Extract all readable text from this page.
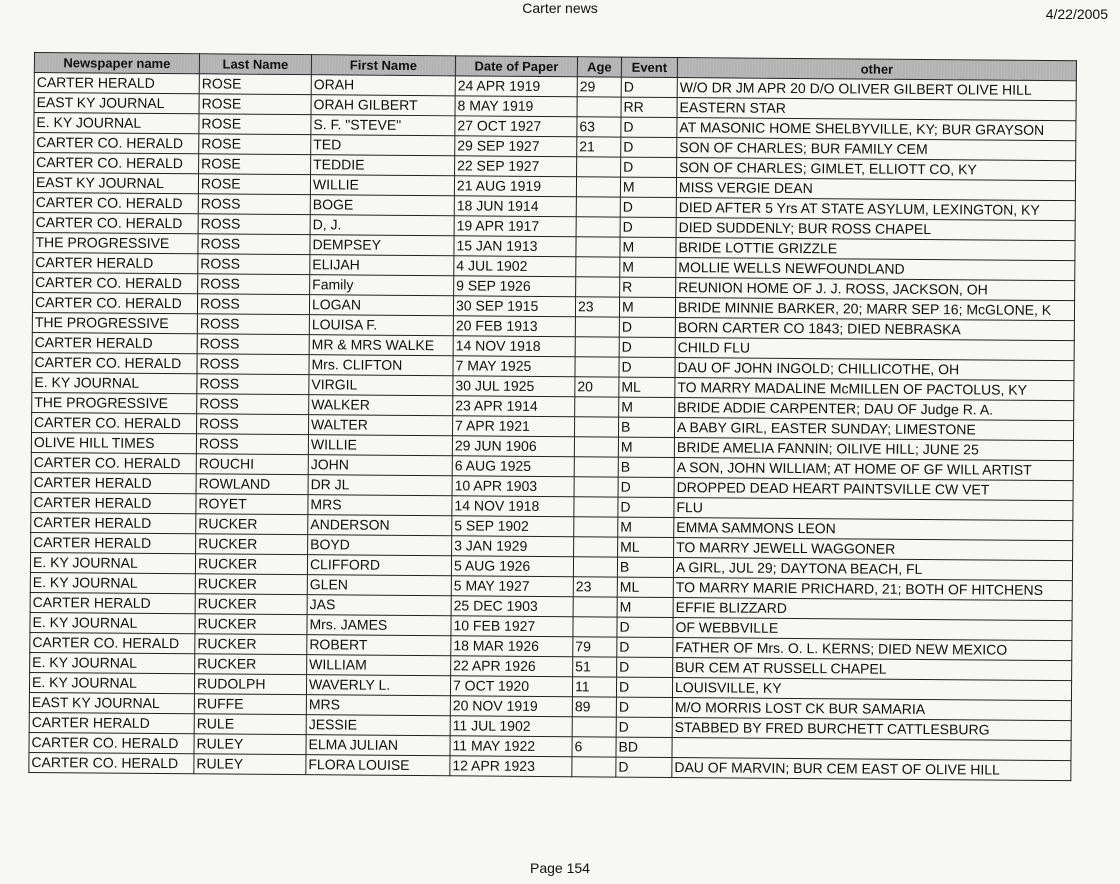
Carter news	4/22/2005
Newspaper name	Last Name	First Name	Date of Paper	Age	Event	other
CARTER HERALD	ROSE	ORAH	24 APR 1919	29	D	W/O DR JM APR 20 D/O OLIVER GILBERT OLIVE HILL
EAST KY JOURNAL	ROSE	ORAH GILBERT	8 MAY 1919		RR	EASTERN STAR
E. KY JOURNAL	ROSE	S. F. "STEVE"	27 OCT 1927	63	D	AT MASONIC HOME SHELBYVILLE, KY; BUR GRAYSON
CARTER CO. HERALD	ROSE	TED	29 SEP 1927	21	D	SON OF CHARLES; BUR FAMILY CEM
CARTER CO. HERALD	ROSE	TEDDIE	22 SEP 1927		D	SON OF CHARLES; GIMLET, ELLIOTT CO, KY
EAST KY JOURNAL	ROSE	WILLIE	21 AUG 1919		M	MISS VERGIE DEAN
CARTER CO. HERALD	ROSS	BOGE	18 JUN 1914		D	DIED AFTER 5 Yrs AT STATE ASYLUM, LEXINGTON, KY
CARTER CO. HERALD	ROSS	D, J.	19 APR 1917		D	DIED SUDDENLY; BUR ROSS CHAPEL
THE PROGRESSIVE	ROSS	DEMPSEY	15 JAN 1913		M	BRIDE LOTTIE GRIZZLE
CARTER HERALD	ROSS	ELIJAH	4 JUL 1902		M	MOLLIE WELLS NEWFOUNDLAND
CARTER CO. HERALD	ROSS	Family	9 SEP 1926		R	REUNION HOME OF J. J. ROSS, JACKSON, OH
CARTER CO. HERALD	ROSS	LOGAN	30 SEP 1915	23	M	BRIDE MINNIE BARKER, 20; MARR SEP 16; McGLONE, K
THE PROGRESSIVE	ROSS	LOUISA F.	20 FEB 1913		D	BORN CARTER CO 1843; DIED NEBRASKA
CARTER HERALD	ROSS	MR & MRS WALKE	14 NOV 1918		D	CHILD FLU
CARTER CO. HERALD	ROSS	Mrs. CLIFTON	7 MAY 1925		D	DAU OF JOHN INGOLD; CHILLICOTHE, OH
E. KY JOURNAL	ROSS	VIRGIL	30 JUL 1925	20	ML	TO MARRY MADALINE McMILLEN OF PACTOLUS, KY
THE PROGRESSIVE	ROSS	WALKER	23 APR 1914		M	BRIDE ADDIE CARPENTER; DAU OF Judge R. A.
CARTER CO. HERALD	ROSS	WALTER	7 APR 1921		B	A BABY GIRL, EASTER SUNDAY; LIMESTONE
OLIVE HILL TIMES	ROSS	WILLIE	29 JUN 1906		M	BRIDE AMELIA FANNIN; OILIVE HILL; JUNE 25
CARTER CO. HERALD	ROUCHI	JOHN	6 AUG 1925		B	A SON, JOHN WILLIAM; AT HOME OF GF WILL ARTIST
CARTER HERALD	ROWLAND	DR JL	10 APR 1903		D	DROPPED DEAD HEART PAINTSVILLE CW VET
CARTER HERALD	ROYET	MRS	14 NOV 1918		D	FLU
CARTER HERALD	RUCKER	ANDERSON	5 SEP 1902		M	EMMA SAMMONS LEON
CARTER HERALD	RUCKER	BOYD	3 JAN 1929		ML	TO MARRY JEWELL WAGGONER
E. KY JOURNAL	RUCKER	CLIFFORD	5 AUG 1926		B	A GIRL, JUL 29; DAYTONA BEACH, FL
E. KY JOURNAL	RUCKER	GLEN	5 MAY 1927	23	ML	TO MARRY MARIE PRICHARD, 21; BOTH OF HITCHENS
CARTER HERALD	RUCKER	JAS	25 DEC 1903		M	EFFIE BLIZZARD
E. KY JOURNAL	RUCKER	Mrs. JAMES	10 FEB 1927		D	OF WEBBVILLE
CARTER CO. HERALD	RUCKER	ROBERT	18 MAR 1926	79	D	FATHER OF Mrs. O. L. KERNS; DIED NEW MEXICO
E. KY JOURNAL	RUCKER	WILLIAM	22 APR 1926	51	D	BUR CEM AT RUSSELL CHAPEL
E. KY JOURNAL	RUDOLPH	WAVERLY L.	7 OCT 1920	11	D	LOUISVILLE, KY
EAST KY JOURNAL	RUFFE	MRS	20 NOV 1919	89	D	M/O MORRIS LOST CK BUR SAMARIA
CARTER HERALD	RULE	JESSIE	11 JUL 1902		D	STABBED BY FRED BURCHETT CATTLESBURG
CARTER CO. HERALD	RULEY	ELMA JULIAN	11 MAY 1922	6	BD	
CARTER CO. HERALD	RULEY	FLORA LOUISE	12 APR 1923		D	DAU OF MARVIN; BUR CEM EAST OF OLIVE HILL
Page 154
